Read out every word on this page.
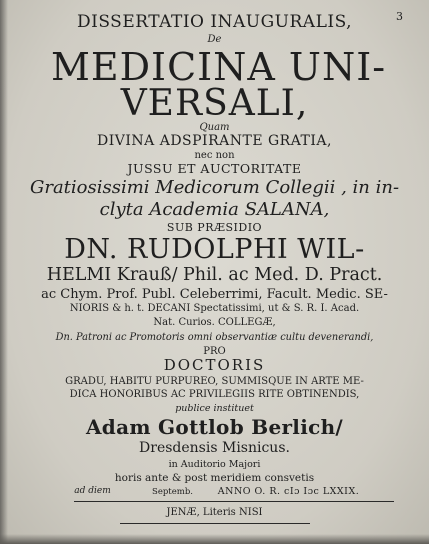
3
DISSERTATIO INAUGURALIS,
De
MEDICINA UNI-
VERSALI,
Quam
DIVINA ADSPIRANTE GRATIA,
nec non
JUSSU ET AUCTORITATE
Gratiosissimi Medicorum Collegii , in in-
clyta Academia SALANA,
SUB PRÆSIDIO
DN. RUDOLPHI WIL-
HELMI Krauß/ Phil. ac Med. D. Pract.
ac Chym. Prof. Publ. Celeberrimi, Facult. Medic. SE-
NIORIS & h. t. DECANI Spectatissimi, ut & S. R. I. Acad.
Nat. Curios. COLLEGÆ,
Dn. Patroni ac Promotoris omni observantiæ cultu devenerandi,
PRO
DOCTORIS
GRADU, HABITU PURPUREO, SUMMISQUE IN ARTE ME-
DICA HONORIBUS AC PRIVILEGIIS RITE OBTINENDIS,
publice instituet
Adam Gottlob Berlich/
Dresdensis Misnicus.
in Auditorio Majori
horis ante & post meridiem consvetis
ad diem	Septemb.	ANNO O. R. cIɔ Iɔc LXXIX.
JENÆ, Literis NISI
